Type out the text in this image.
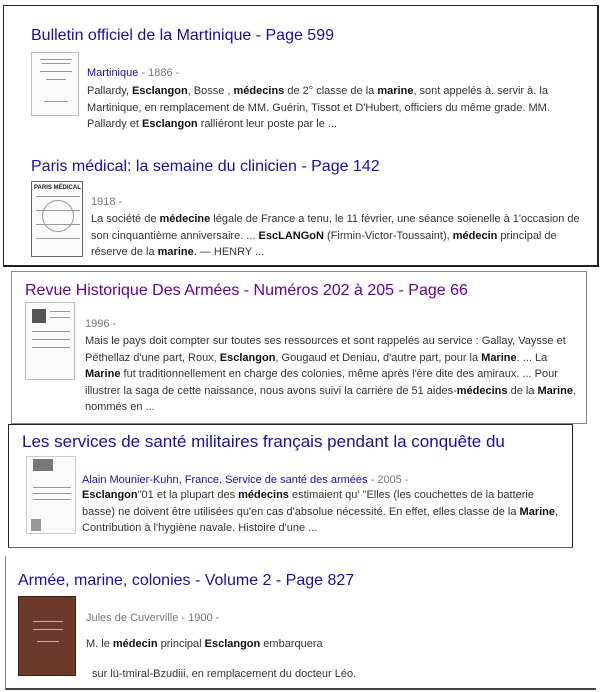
Bulletin officiel de la Martinique - Page 599
Martinique - 1886 -
Pallardy, Esclangon, Bosse , médecins de 2° classe de la marine, sont appelés à. servir à. la Martinique, en remplacement de MM. Guérin, Tissot et D'Hubert, officiers du même grade. MM. Pallardy et Esclangon ralliéront leur poste par le ...
Paris médical: la semaine du clinicien - Page 142
PARIS MÉDICAL
1918 -
La société de médecine légale de France a tenu, le 11 février, une séance soienelle à 1'occasion de son cinquantième anniversaire. ... EscLANGoN (Firmin-Victor-Toussaint), médecin principal de réserve de la marine. — HENRY ...
Revue Historique Des Armées - Numéros 202 à 205 - Page 66
1996 -
Mais le pays doit compter sur toutes ses ressources et sont rappelés au service : Gallay, Vaysse et Péthellaz d'une part, Roux, Esclangon, Gougaud et Deniau, d'autre part, pour la Marine. ... La Marine fut traditionnellement en charge des colonies, même après l'ère dite des amiraux. ... Pour illustrer la saga de cette naissance, nous avons suivi la carrière de 51 aides-médecins de la Marine, nommés en ...
Les services de santé militaires français pendant la conquête du
Alain Mounier-Kuhn, France. Service de santé des armées - 2005 -
Esclangon"01 et la plupart des médecins estimaient qu' "Elles (les couchettes de la batterie basse) ne doivent être utilisées qu'en cas d'absolue nécessité. En effet, elles classe de la Marine, Contribution à l'hygiène navale. Histoire d'une ...
Armée, marine, colonies - Volume 2 - Page 827
Jules de Cuverville - 1900 -
M. le médecin principal Esclangon embarquera
sur lü-tmiral-Bzudiii, en remplacement du docteur Léo.
